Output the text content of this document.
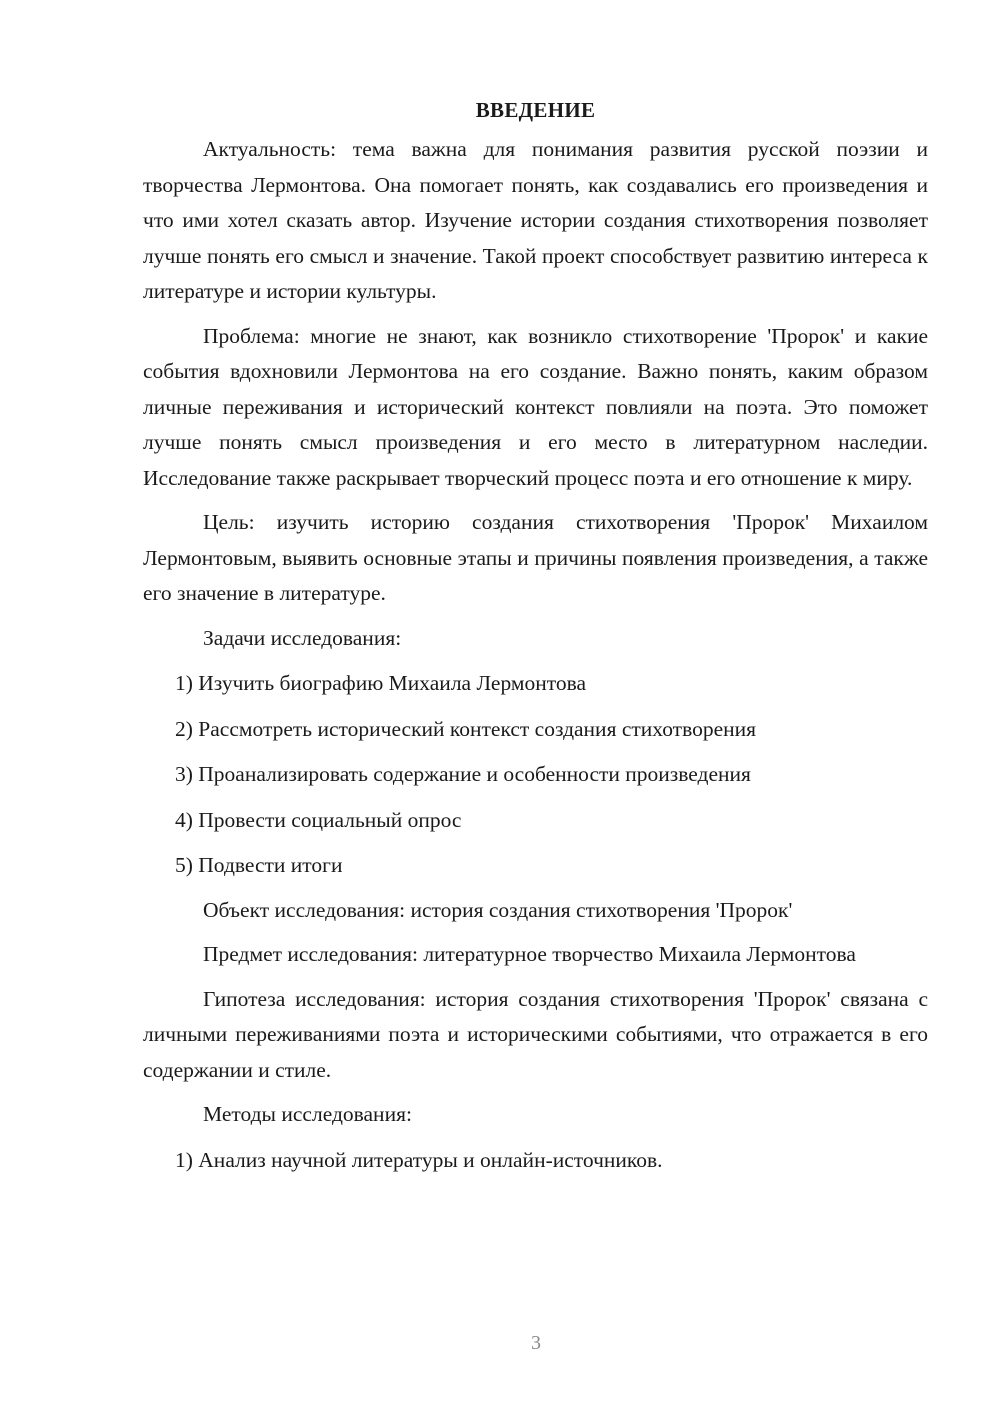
ВВЕДЕНИЕ

Актуальность: тема важна для понимания развития русской поэзии и творчества Лермонтова. Она помогает понять, как создавались его произведения и что ими хотел сказать автор. Изучение истории создания стихотворения позволяет лучше понять его смысл и значение. Такой проект способствует развитию интереса к литературе и истории культуры.

Проблема: многие не знают, как возникло стихотворение 'Пророк' и какие события вдохновили Лермонтова на его создание. Важно понять, каким образом личные переживания и исторический контекст повлияли на поэта. Это поможет лучше понять смысл произведения и его место в литературном наследии. Исследование также раскрывает творческий процесс поэта и его отношение к миру.

Цель: изучить историю создания стихотворения 'Пророк' Михаилом Лермонтовым, выявить основные этапы и причины появления произведения, а также его значение в литературе.

Задачи исследования:

1) Изучить биографию Михаила Лермонтова

2) Рассмотреть исторический контекст создания стихотворения

3) Проанализировать содержание и особенности произведения

4) Провести социальный опрос

5) Подвести итоги

Объект исследования: история создания стихотворения 'Пророк'

Предмет исследования: литературное творчество Михаила Лермонтова

Гипотеза исследования: история создания стихотворения 'Пророк' связана с личными переживаниями поэта и историческими событиями, что отражается в его содержании и стиле.

Методы исследования:

1) Анализ научной литературы и онлайн-источников.

3
